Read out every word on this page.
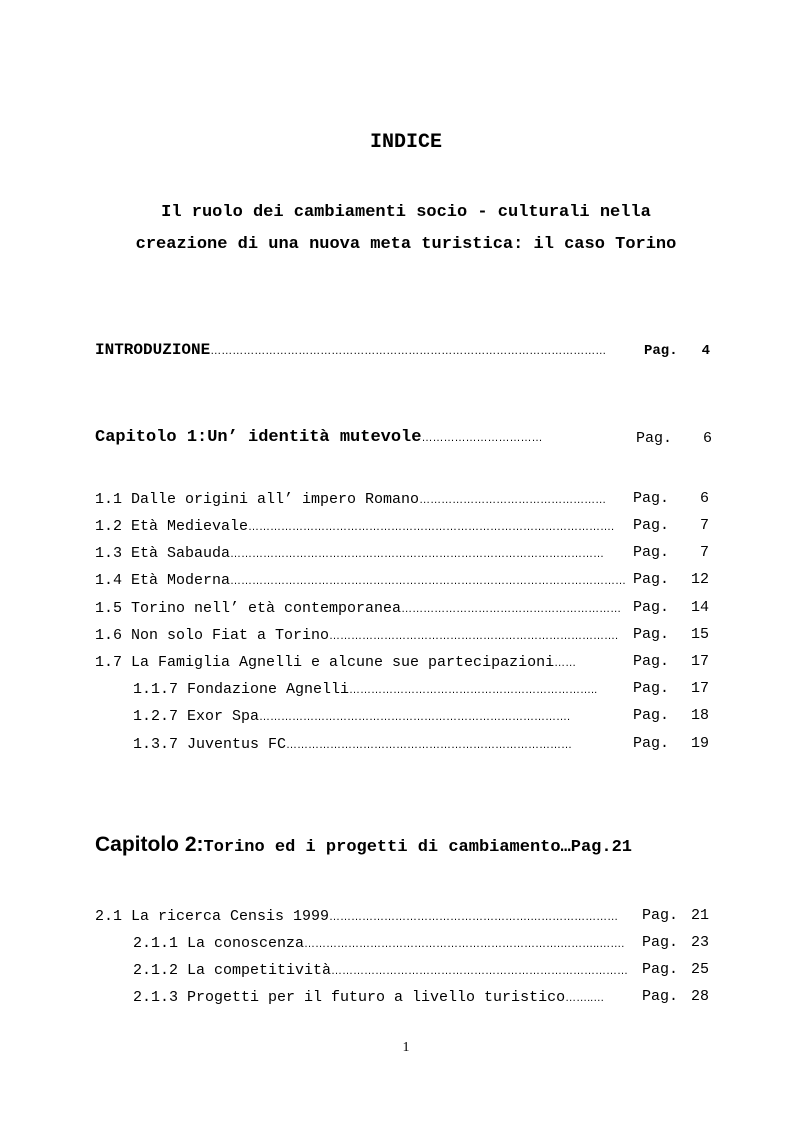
INDICE
Il ruolo dei cambiamenti socio - culturali nella
creazione di una nuova meta turistica: il caso Torino
INTRODUZIONE………………………………………………………………………………………………	Pag.	4
Capitolo 1:Un’ identità mutevole……………………………	Pag.	6
1.1 Dalle origini all’ impero Romano…………………………………………… Pag.	6
1.2 Età Medievale………………………………………………………………………………………. Pag.	7
1.3 Età Sabauda………………………………………………………………………………………… Pag.	7
1.4 Età Moderna……………………………………………………………………………………………… Pag.	12
1.5 Torino nell’ età contemporanea…………………………………………………… Pag.	14
1.6 Non solo Fiat a Torino……………………………………………………………………. Pag.	15
1.7 La Famiglia Agnelli e alcune sue partecipazioni……	Pag.	17
1.1.7 Fondazione Agnelli………………………………………………………….. Pag.	17
1.2.7 Exor Spa………………………………………………………………………….	Pag.	18
1.3.7 Juventus FC……………………………………………………………………	Pag.	19
Capitolo 2:Torino ed i progetti di cambiamento…Pag.21
2.1 La ricerca Censis 1999……………………………………………….…………………… Pag. 21
2.1.1 La conoscenza…………………………………………………………….………..……. Pag. 23
2.1.2 La competitività……………………………………………………………………… Pag. 25
2.1.3 Progetti per il futuro a livello turistico……..…	Pag. 28
1
